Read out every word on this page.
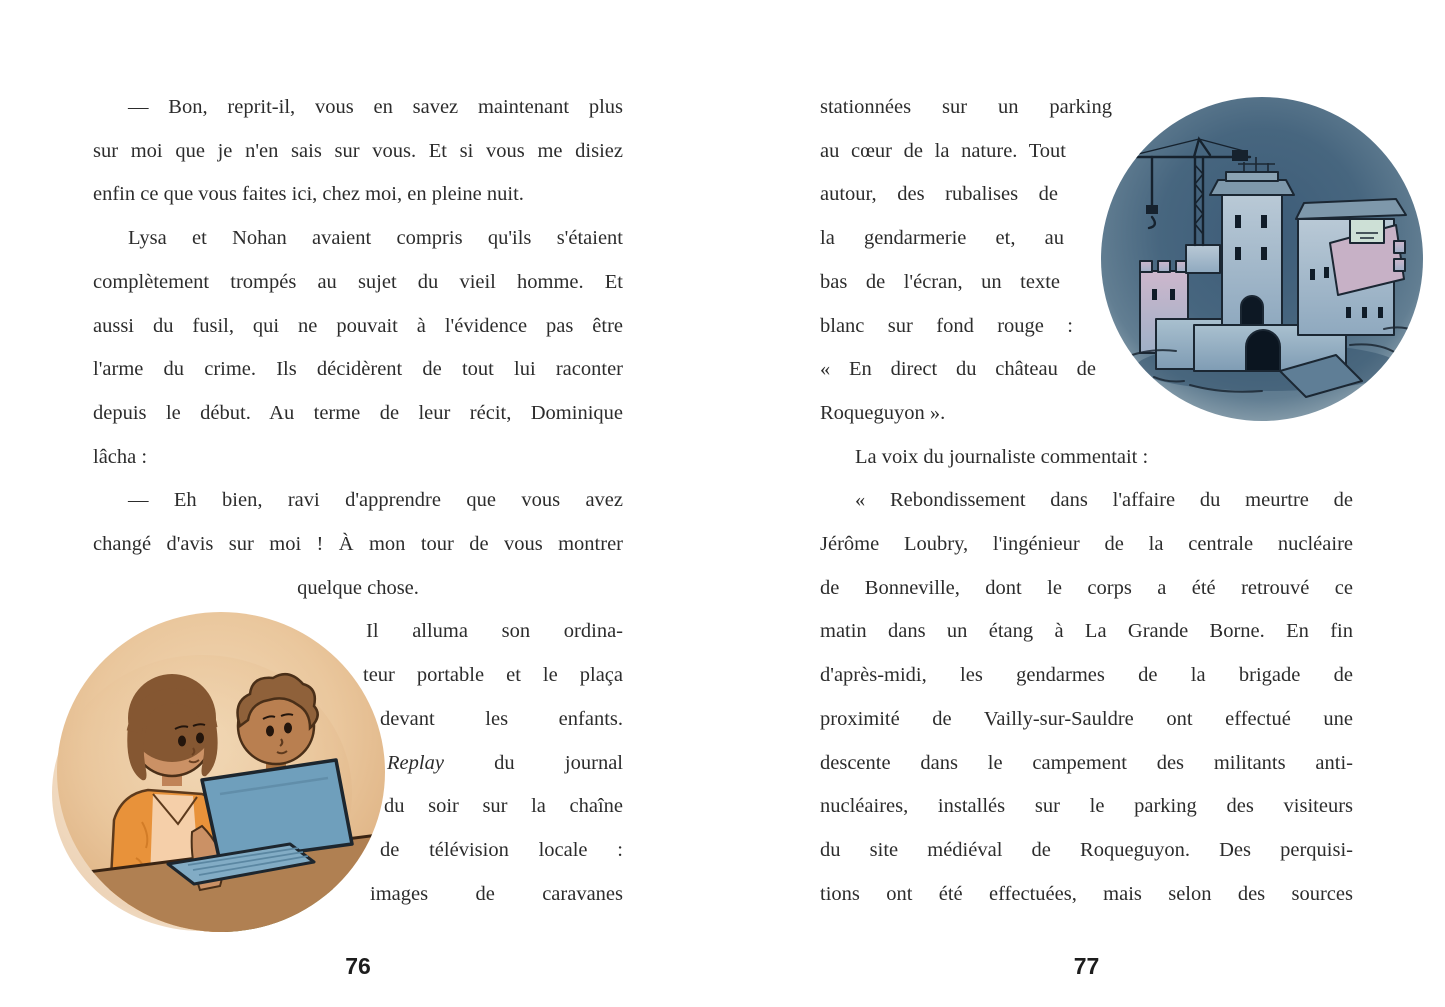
— Bon, reprit-il, vous en savez maintenant plus
sur moi que je n'en sais sur vous. Et si vous me disiez
enfin ce que vous faites ici, chez moi, en pleine nuit.
Lysa et Nohan avaient compris qu'ils s'étaient
complètement trompés au sujet du vieil homme. Et
aussi du fusil, qui ne pouvait à l'évidence pas être
l'arme du crime. Ils décidèrent de tout lui raconter
depuis le début. Au terme de leur récit, Dominique
lâcha :
— Eh bien, ravi d'apprendre que vous avez
changé d'avis sur moi ! À mon tour de vous montrer
quelque chose.
Il alluma son ordina-
teur portable et le plaça
devant les enfants.
Replay du journal
du soir sur la chaîne
de télévision locale :
images de caravanes
stationnées sur un parking
au cœur de la nature. Tout
autour, des rubalises de
la gendarmerie et, au
bas de l'écran, un texte
blanc sur fond rouge :
« En direct du château de
Roqueguyon ».
La voix du journaliste commentait :
« Rebondissement dans l'affaire du meurtre de
Jérôme Loubry, l'ingénieur de la centrale nucléaire
de Bonneville, dont le corps a été retrouvé ce
matin dans un étang à La Grande Borne. En fin
d'après-midi, les gendarmes de la brigade de
proximité de Vailly-sur-Sauldre ont effectué une
descente dans le campement des militants anti-
nucléaires, installés sur le parking des visiteurs
du site médiéval de Roqueguyon. Des perquisi-
tions ont été effectuées, mais selon des sources
76	77
